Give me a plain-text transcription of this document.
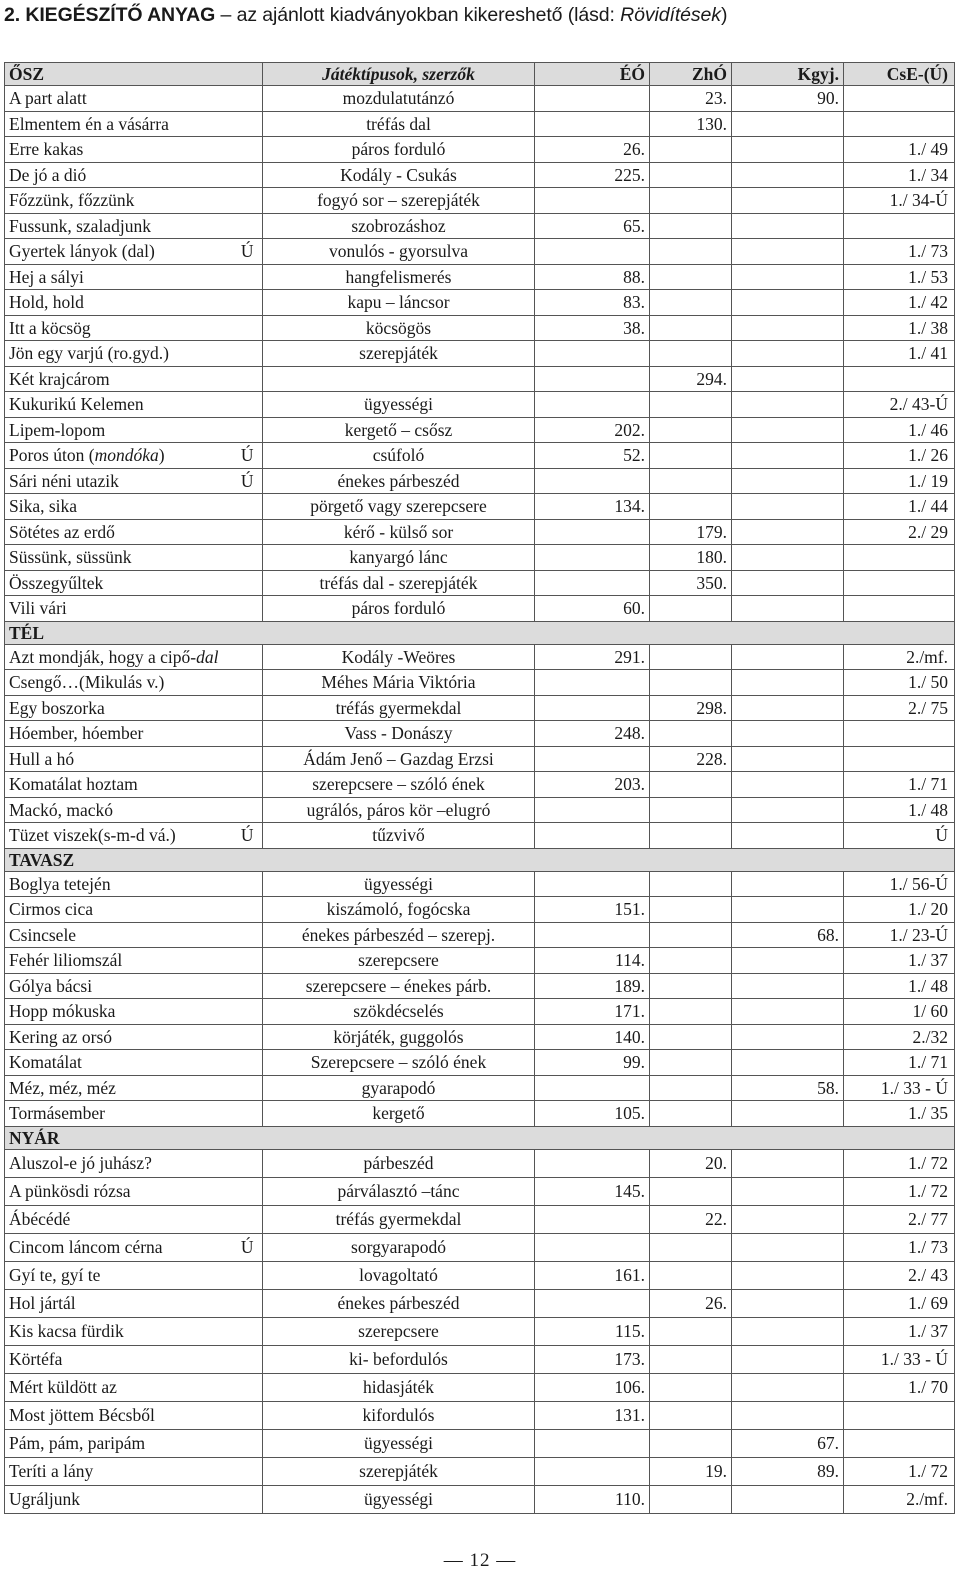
2. KIEGÉSZÍTŐ ANYAG – az ajánlott kiadványokban kikereshető (lásd: Rövidítések)
ŐSZ		Játéktípusok, szerzők	ÉÓ	ZhÓ	Kgyj.	CsE-(Ú)
A part alatt		mozdulatutánzó		23.	90.	
Elmentem én a vásárra		tréfás dal		130.		
Erre kakas		páros forduló	26.			1./ 49
De jó a dió		Kodály - Csukás	225.			1./ 34
Főzzünk, főzzünk		fogyó sor – szerepjáték				1./ 34-Ú
Fussunk, szaladjunk		szobrozáshoz	65.			
Gyertek lányok (dal)	Ú	vonulós - gyorsulva				1./ 73
Hej a sályi		hangfelismerés	88.			1./ 53
Hold, hold		kapu – láncsor	83.			1./ 42
Itt a köcsög		köcsögös	38.			1./ 38
Jön egy varjú (ro.gyd.)		szerepjáték				1./ 41
Két krajcárom				294.		
Kukurikú Kelemen		ügyességi				2./ 43-Ú
Lipem-lopom		kergető – csősz	202.			1./ 46
Poros úton (mondóka)	Ú	csúfoló	52.			1./ 26
Sári néni utazik	Ú	énekes párbeszéd				1./ 19
Sika, sika		pörgető vagy szerepcsere	134.			1./ 44
Sötétes az erdő		kérő - külső sor		179.		2./ 29
Süssünk, süssünk		kanyargó lánc		180.		
Összegyűltek		tréfás dal - szerepjáték		350.		
Vili vári		páros forduló	60.			
TÉL						
Azt mondják, hogy a cipő-dal		Kodály -Weöres	291.			2./mf.
Csengő…(Mikulás v.)		Méhes Mária Viktória				1./ 50
Egy boszorka		tréfás gyermekdal		298.		2./ 75
Hóember, hóember		Vass - Donászy	248.			
Hull a hó		Ádám Jenő – Gazdag Erzsi		228.		
Komatálat hoztam		szerepcsere – szóló ének	203.			1./ 71
Mackó, mackó		ugrálós, páros kör –elugró				1./ 48
Tüzet viszek(s-m-d vá.)	Ú	tűzvivő				Ú
TAVASZ						
Boglya tetején		ügyességi				1./ 56-Ú
Cirmos cica		kiszámoló, fogócska	151.			1./ 20
Csincsele		énekes párbeszéd – szerepj.			68.	1./ 23-Ú
Fehér liliomszál		szerepcsere	114.			1./ 37
Gólya bácsi		szerepcsere – énekes párb.	189.			1./ 48
Hopp mókuska		szökdécselés	171.			1/ 60
Kering az orsó		körjáték, guggolós	140.			2./32
Komatálat		Szerepcsere – szóló ének	99.			1./ 71
Méz, méz, méz		gyarapodó			58.	1./ 33 - Ú
Tormásember		kergető	105.			1./ 35
NYÁR						
Aluszol-e jó juhász?		párbeszéd		20.		1./ 72
A pünkösdi rózsa		párválasztó –tánc	145.			1./ 72
Ábécédé		tréfás gyermekdal		22.		2./ 77
Cincom láncom cérna	Ú	sorgyarapodó				1./ 73
Gyí te, gyí te		lovagoltató	161.			2./ 43
Hol jártál		énekes párbeszéd		26.		1./ 69
Kis kacsa fürdik		szerepcsere	115.			1./ 37
Körtéfa		ki- befordulós	173.			1./ 33 - Ú
Mért küldött az		hidasjáték	106.			1./ 70
Most jöttem Bécsből		kifordulós	131.			
Pám, pám, paripám		ügyességi			67.	
Teríti a lány		szerepjáték		19.	89.	1./ 72
Ugráljunk		ügyességi	110.			2./mf.
— 12 —
